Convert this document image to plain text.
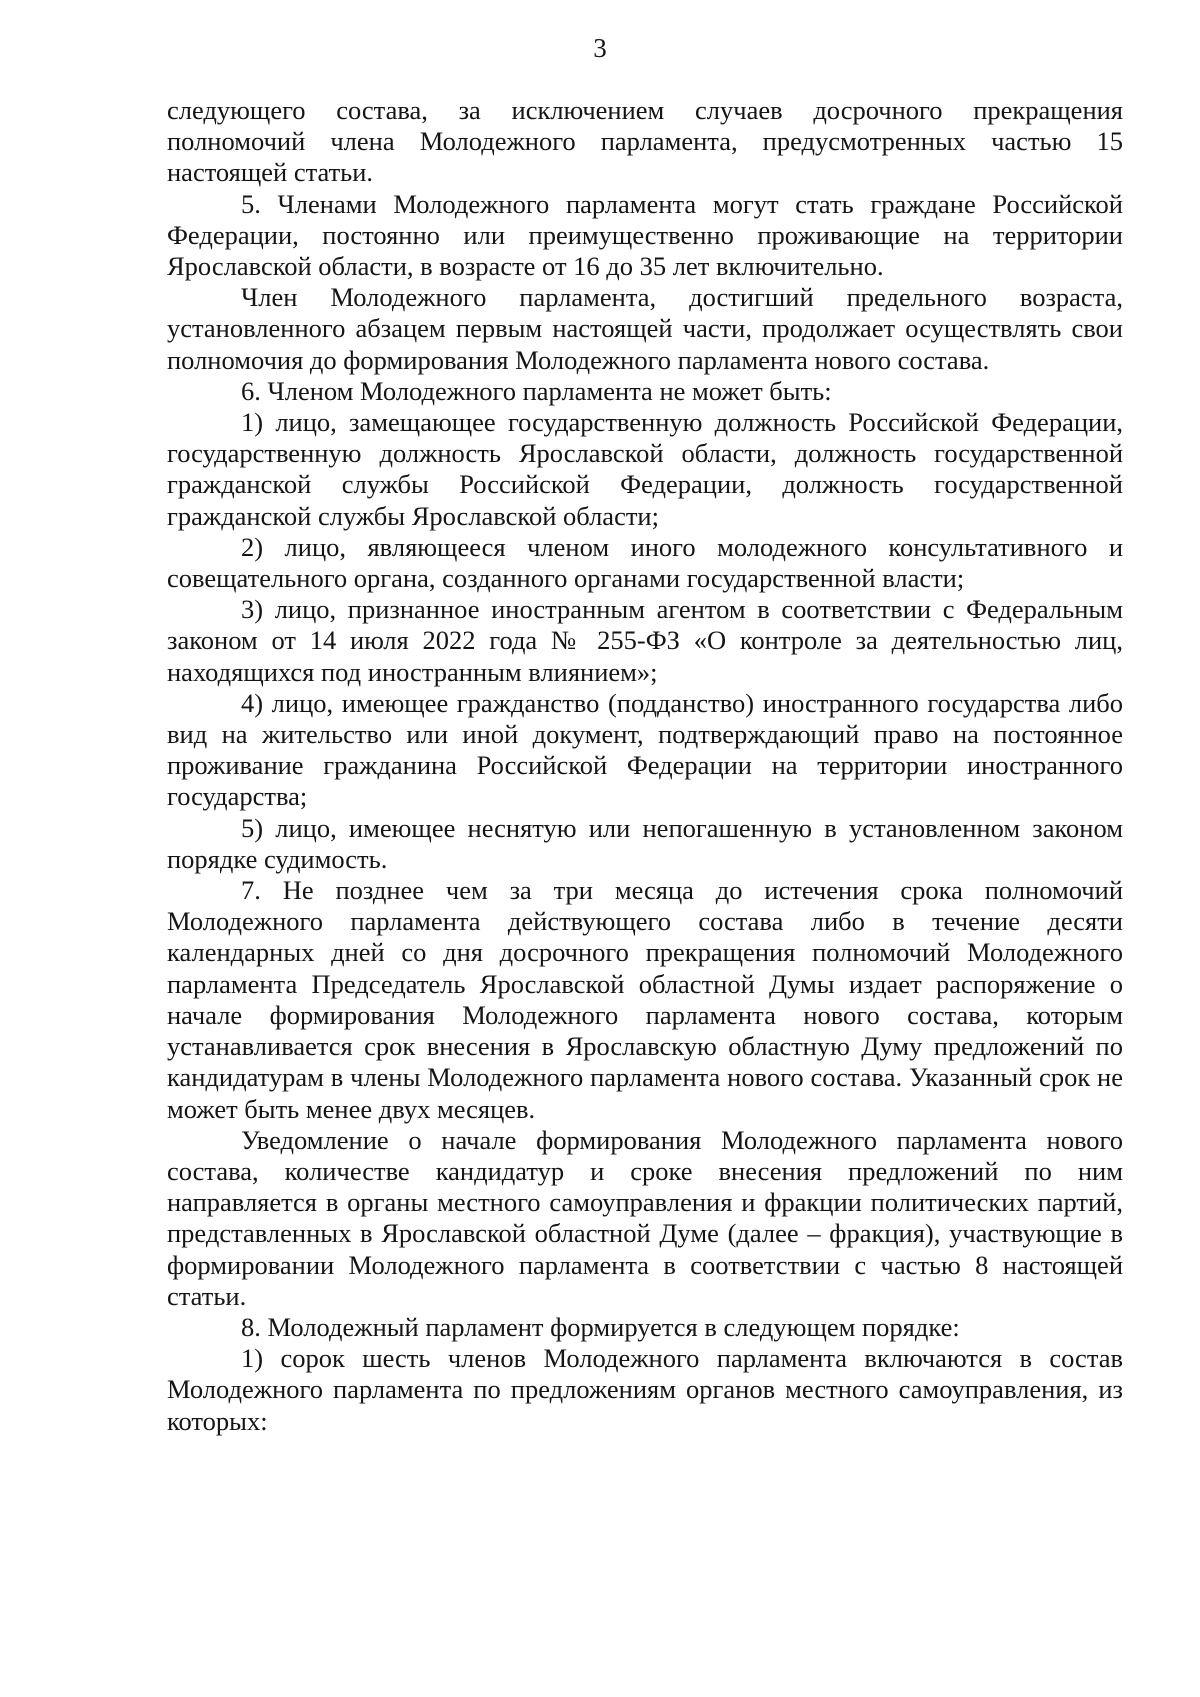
3

следующего состава, за исключением случаев досрочного прекращения полномочий члена Молодежного парламента, предусмотренных частью 15 настоящей статьи.

5. Членами Молодежного парламента могут стать граждане Российской Федерации, постоянно или преимущественно проживающие на территории Ярославской области, в возрасте от 16 до 35 лет включительно.

Член Молодежного парламента, достигший предельного возраста, установленного абзацем первым настоящей части, продолжает осуществлять свои полномочия до формирования Молодежного парламента нового состава.

6. Членом Молодежного парламента не может быть:

1) лицо, замещающее государственную должность Российской Федерации, государственную должность Ярославской области, должность государственной гражданской службы Российской Федерации, должность государственной гражданской службы Ярославской области;

2) лицо, являющееся членом иного молодежного консультативного и совещательного органа, созданного органами государственной власти;

3) лицо, признанное иностранным агентом в соответствии с Федеральным законом от 14 июля 2022 года № 255-ФЗ «О контроле за деятельностью лиц, находящихся под иностранным влиянием»;

4) лицо, имеющее гражданство (подданство) иностранного государства либо вид на жительство или иной документ, подтверждающий право на постоянное проживание гражданина Российской Федерации на территории иностранного государства;

5) лицо, имеющее неснятую или непогашенную в установленном законом порядке судимость.

7. Не позднее чем за три месяца до истечения срока полномочий Молодежного парламента действующего состава либо в течение десяти календарных дней со дня досрочного прекращения полномочий Молодежного парламента Председатель Ярославской областной Думы издает распоряжение о начале формирования Молодежного парламента нового состава, которым устанавливается срок внесения в Ярославскую областную Думу предложений по кандидатурам в члены Молодежного парламента нового состава. Указанный срок не может быть менее двух месяцев.

Уведомление о начале формирования Молодежного парламента нового состава, количестве кандидатур и сроке внесения предложений по ним направляется в органы местного самоуправления и фракции политических партий, представленных в Ярославской областной Думе (далее – фракция), участвующие в формировании Молодежного парламента в соответствии с частью 8 настоящей статьи.

8. Молодежный парламент формируется в следующем порядке:

1) сорок шесть членов Молодежного парламента включаются в состав Молодежного парламента по предложениям органов местного самоуправления, из которых:
